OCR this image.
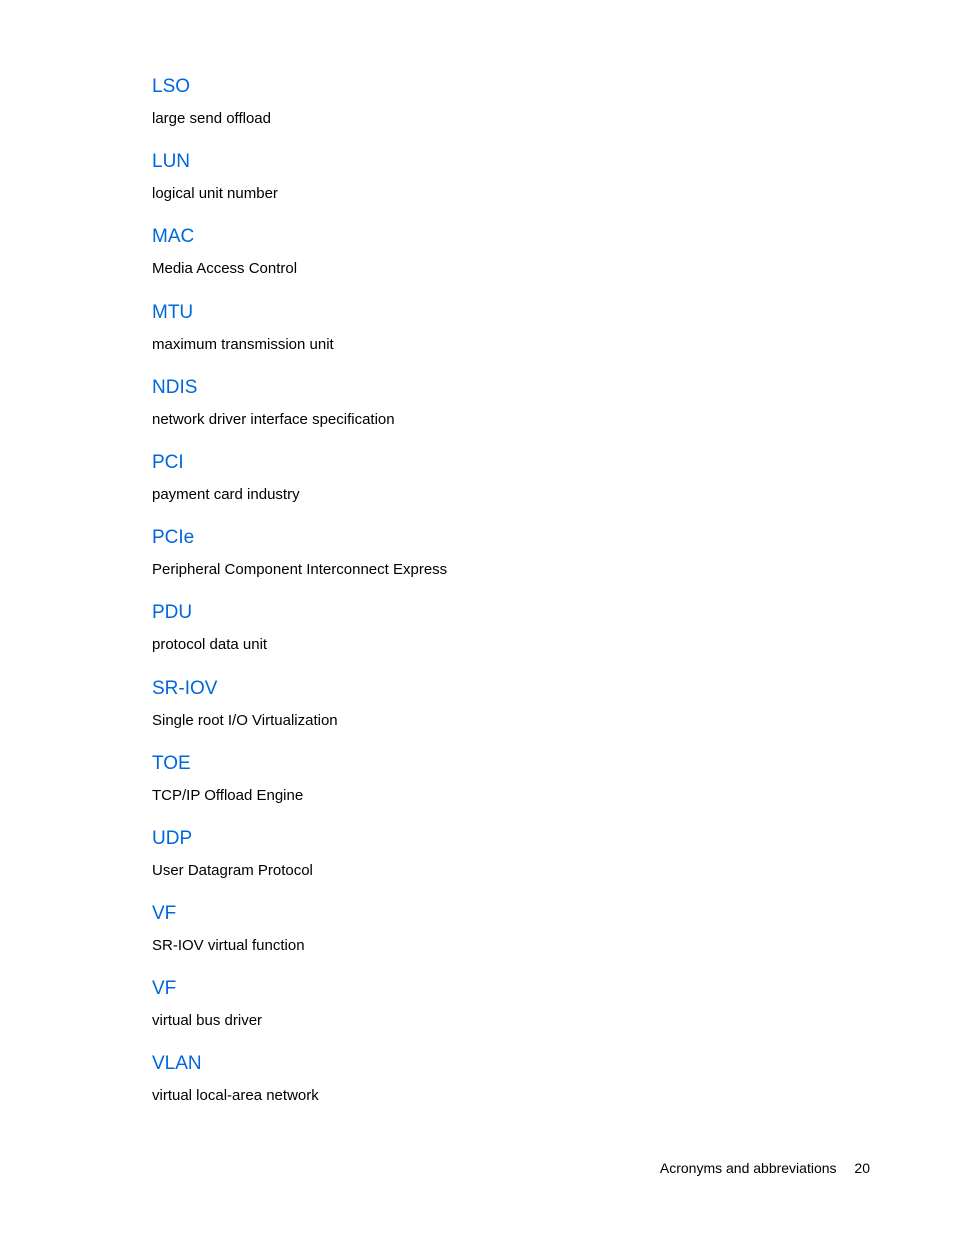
LSO
large send offload
LUN
logical unit number
MAC
Media Access Control
MTU
maximum transmission unit
NDIS
network driver interface specification
PCI
payment card industry
PCIe
Peripheral Component Interconnect Express
PDU
protocol data unit
SR-IOV
Single root I/O Virtualization
TOE
TCP/IP Offload Engine
UDP
User Datagram Protocol
VF
SR-IOV virtual function
VF
virtual bus driver
VLAN
virtual local-area network
Acronyms and abbreviations 20
